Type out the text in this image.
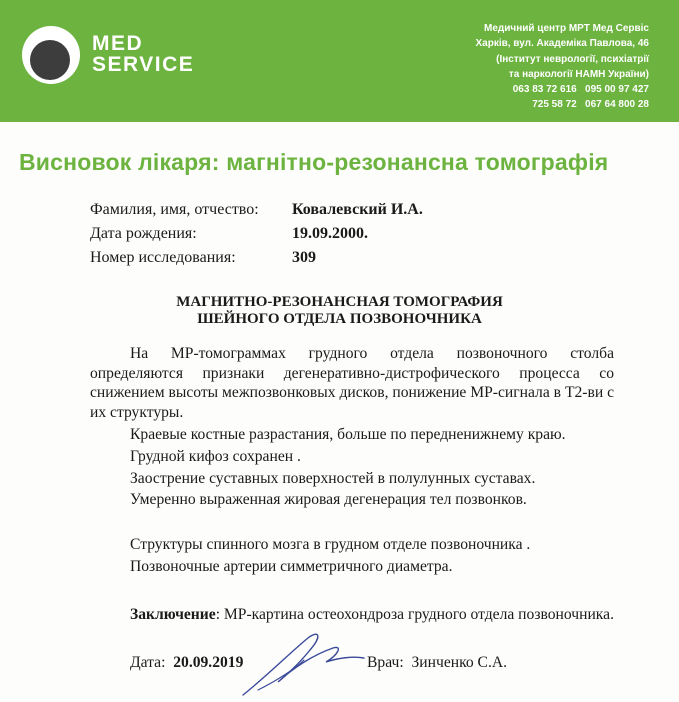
MED
SERVICE
Медичний центр МРТ Мед Сервіс
Харків, вул. Академіка Павлова, 46
(Інститут неврології, психіатрії
та наркології НАМН України)
063 83 72 616   095 00 97 427
725 58 72   067 64 800 28
Висновок лікаря: магнітно-резонансна томографія
Фамилия, имя, отчество: Ковалевский И.А.
Дата рождения:	19.09.2000.
Номер исследования:	309
МАГНИТНО-РЕЗОНАНСНАЯ ТОМОГРАФИЯ
ШЕЙНОГО ОТДЕЛА ПОЗВОНОЧНИКА

На МР-томограммах грудного отдела позвоночного столба определяются признаки дегенеративно-дистрофического процесса со снижением высоты межпозвонковых дисков, понижение МР-сигнала в Т2-ви с их структуры.

Краевые костные разрастания, больше по передненижнему краю.
Грудной кифоз сохранен .
Заострение суставных поверхностей в полулунных суставах.
Умеренно выраженная жировая дегенерация тел позвонков.
Структуры спинного мозга в грудном отделе позвоночника .
Позвоночные артерии симметричного диаметра.
Заключение: МР-картина остеохондроза грудного отдела позвоночника.
Дата: 20.09.2019	Врач: Зинченко С.А.
